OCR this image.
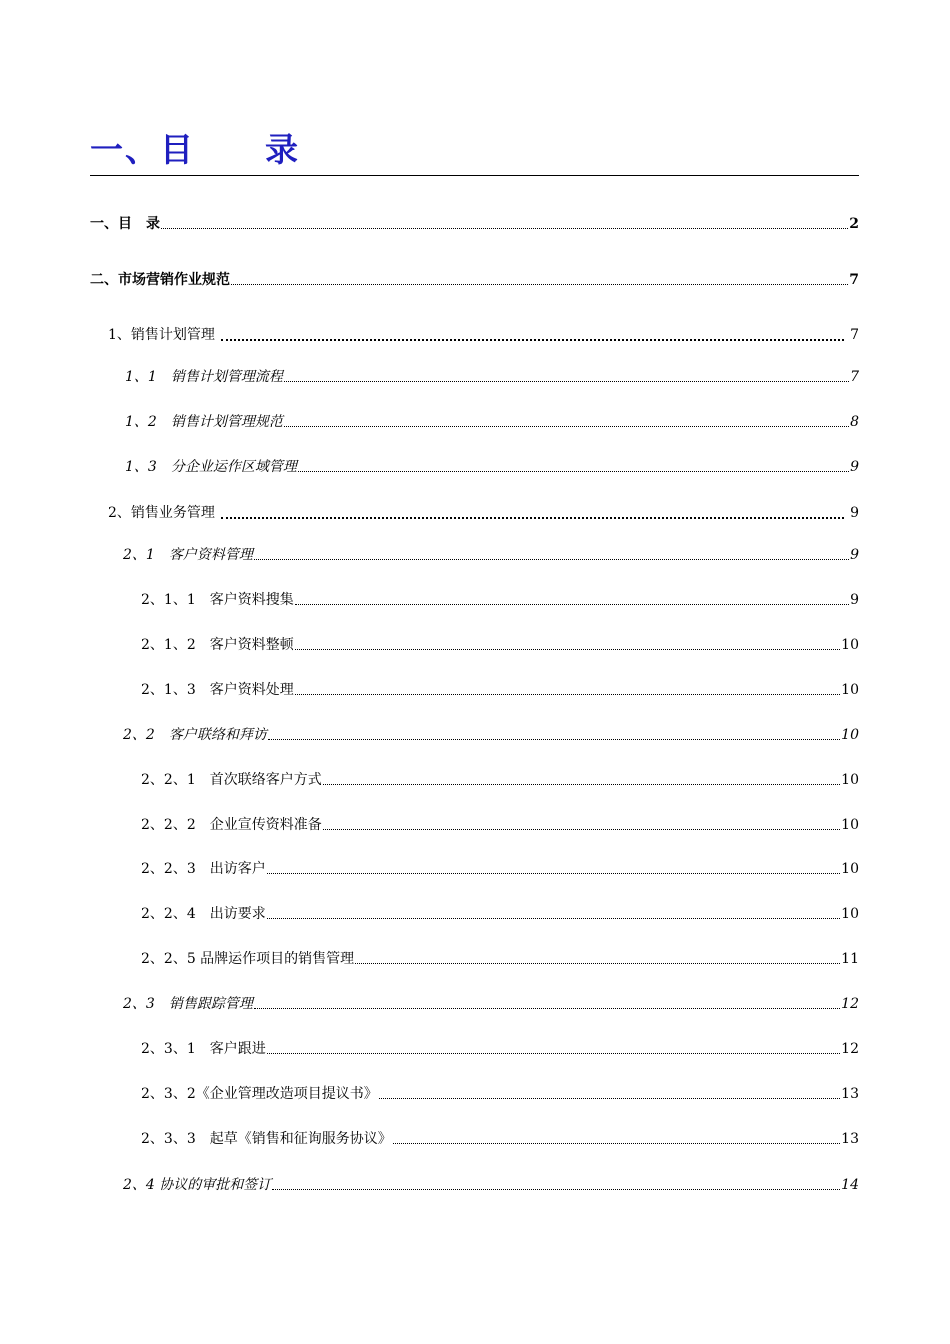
一、目　　录
一、目　录	2
二、市场营销作业规范	7
1、销售计划管理	7
1、1　销售计划管理流程	7
1、2　销售计划管理规范	8
1、3　分企业运作区域管理	9
2、销售业务管理	9
2、1　客户资料管理	9
2、1、1　客户资料搜集	9
2、1、2　客户资料整顿	10
2、1、3　客户资料处理	10
2、2　客户联络和拜访	10
2、2、1　首次联络客户方式	10
2、2、2　企业宣传资料准备	10
2、2、3　出访客户	10
2、2、4　出访要求	10
2、2、5 品牌运作项目的销售管理	11
2、3　销售跟踪管理	12
2、3、1　客户跟进	12
2、3、2《企业管理改造项目提议书》	13
2、3、3　起草《销售和征询服务协议》	13
2、4 协议的审批和签订	14
